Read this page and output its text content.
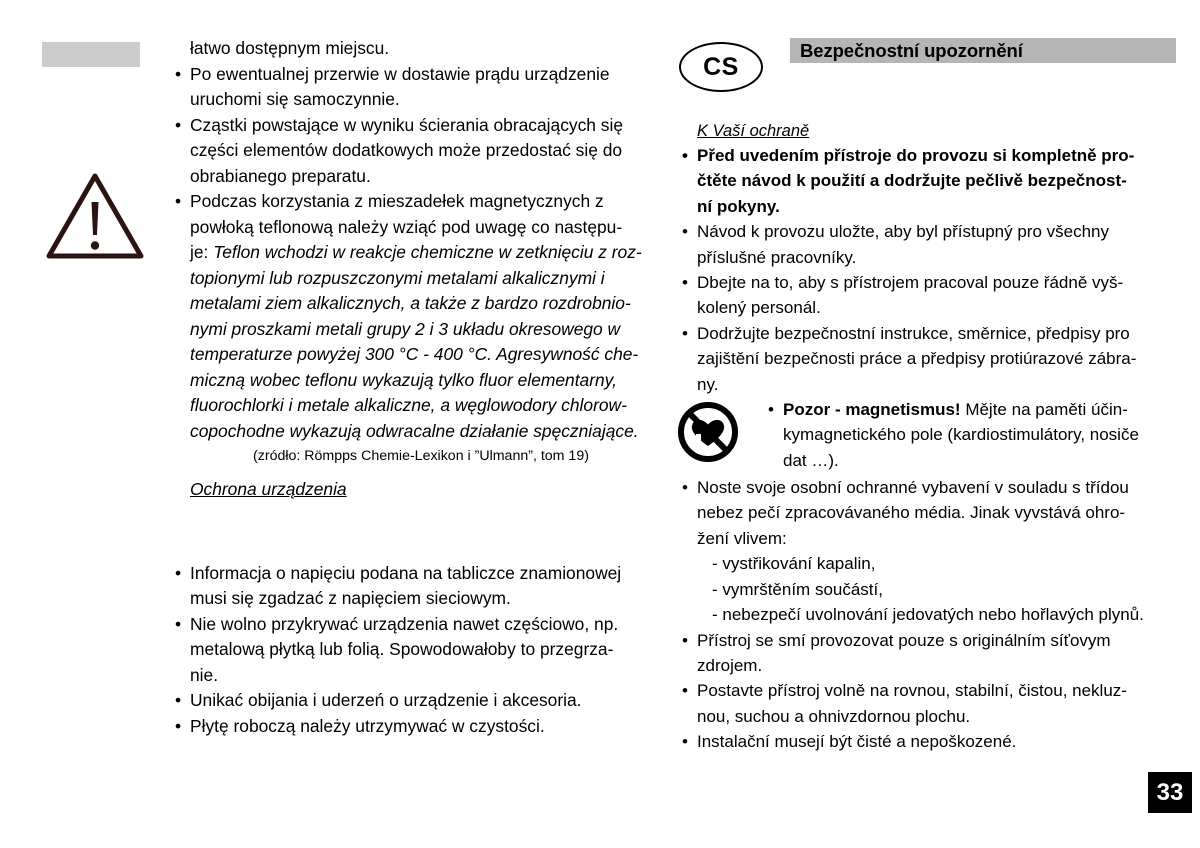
łatwo dostępnym miejscu.
• Po ewentualnej przerwie w dostawie prądu urządzenie
uruchomi się samoczynnie.
• Cząstki powstające w wyniku ścierania obracających się
części elementów dodatkowych może przedostać się do
obrabianego preparatu.
• Podczas korzystania z mieszadełek magnetycznych z
powłoką teflonową należy wziąć pod uwagę co następu-
je: Teflon wchodzi w reakcje chemiczne w zetknięciu z roz-
topionymi lub rozpuszczonymi metalami alkalicznymi i
metalami ziem alkalicznych, a także z bardzo rozdrobnio-
nymi proszkami metali grupy 2 i 3 układu okresowego w
temperaturze powyżej 300 °C - 400 °C. Agresywność che-
miczną wobec teflonu wykazują tylko fluor elementarny,
fluorochlorki i metale alkaliczne, a węglowodory chlorow-
copochodne wykazują odwracalne działanie spęczniające.
(zródło: Römpps Chemie-Lexikon i ”Ulmann”, tom 19)
Ochrona urządzenia
• Informacja o napięciu podana na tabliczce znamionowej
musi się zgadzać z napięciem sieciowym.
• Nie wolno przykrywać urządzenia nawet częściowo, np.
metalową płytką lub folią. Spowodowałoby to przegrza-
nie.
• Unikać obijania i uderzeń o urządzenie i akcesoria.
• Płytę roboczą należy utrzymywać w czystości.
CS
Bezpečnostní upozornění
K Vaší ochraně
• Před uvedením přístroje do provozu si kompletně pro-
čtěte návod k použití a dodržujte pečlivě bezpečnost-
ní pokyny.
• Návod k provozu uložte, aby byl přístupný pro všechny
příslušné pracovníky.
• Dbejte na to, aby s přístrojem pracoval pouze řádně vyš-
kolený personál.
• Dodržujte bezpečnostní instrukce, směrnice, předpisy pro
zajištění bezpečnosti práce a předpisy protiúrazové zábra-
ny.
• Pozor - magnetismus! Mějte na paměti účin-
kymagnetického pole (kardiostimulátory, nosiče
dat …).
• Noste svoje osobní ochranné vybavení v souladu s třídou
nebez pečí zpracovávaného média. Jinak vyvstává ohro-
žení vlivem:
- vystřikování kapalin,
- vymrštěním součástí,
- nebezpečí uvolnování jedovatých nebo hořlavých plynů.
• Přístroj se smí provozovat pouze s originálním síťovym
zdrojem.
• Postavte přístroj volně na rovnou, stabilní, čistou, nekluz-
nou, suchou a ohnivzdornou plochu.
• Instalační musejí být čisté a nepoškozené.
33
